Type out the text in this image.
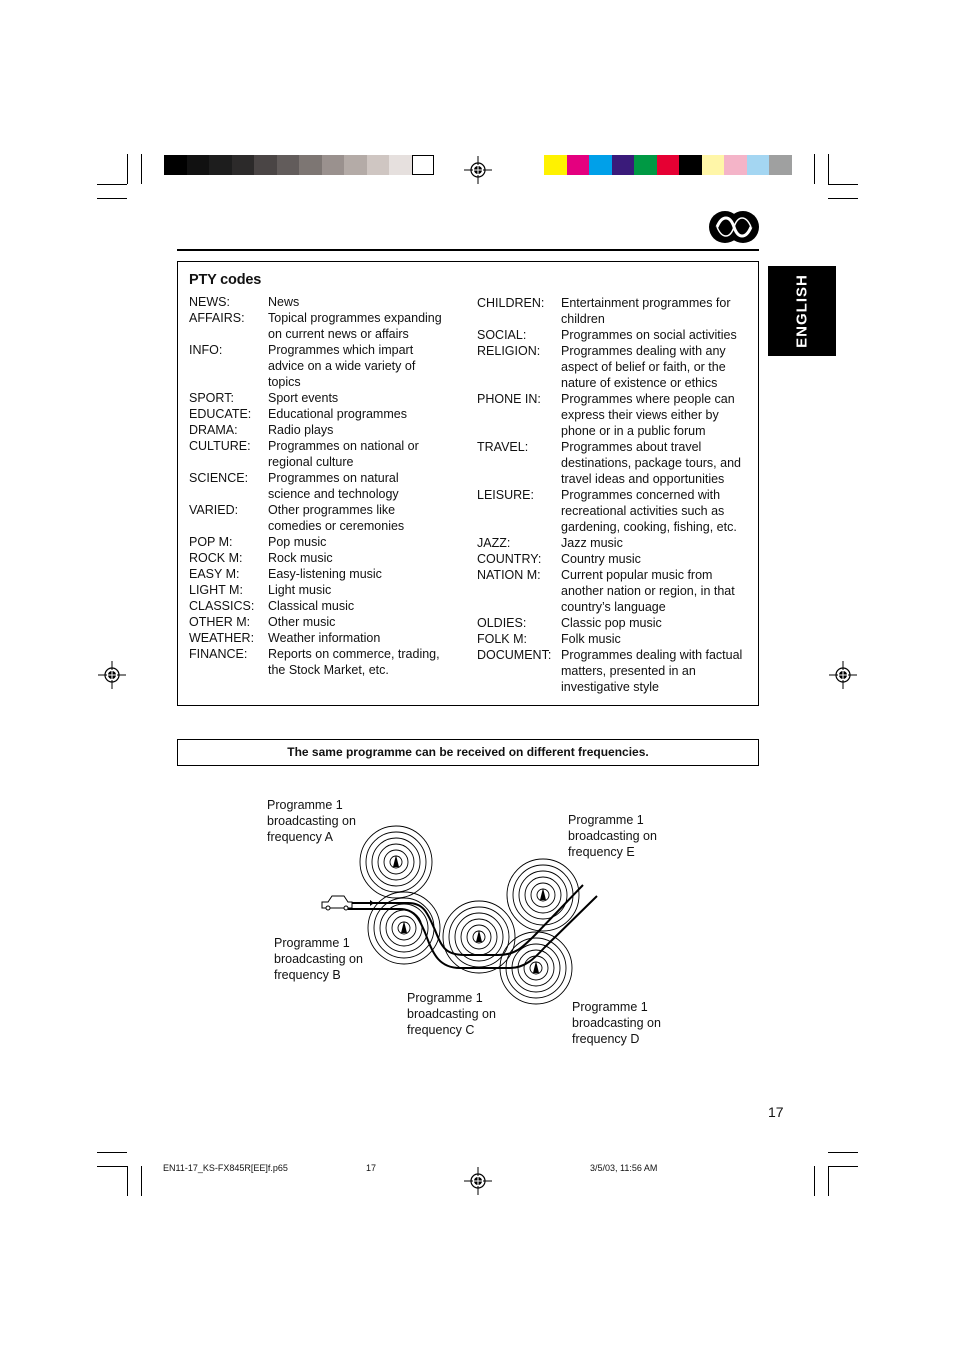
ENGLISH
PTY codes
NEWS:	News
AFFAIRS: Topical programmes expanding
on current news or affairs
INFO:	Programmes which impart
advice on a wide variety of
topics
SPORT:	Sport events
EDUCATE: Educational programmes
DRAMA: Radio plays
CULTURE: Programmes on national or
regional culture
SCIENCE: Programmes on natural
science and technology
VARIED: Other programmes like
comedies or ceremonies
POP M:	Pop music
ROCK M: Rock music
EASY M: Easy-listening music
LIGHT M: Light music
CLASSICS: Classical music
OTHER M: Other music
WEATHER: Weather information
FINANCE: Reports on commerce, trading,
the Stock Market, etc.
CHILDREN: Entertainment programmes for
children
SOCIAL:	Programmes on social activities
RELIGION: Programmes dealing with any
aspect of belief or faith, or the
nature of existence or ethics
PHONE IN: Programmes where people can
express their views either by
phone or in a public forum
TRAVEL:	Programmes about travel
destinations, package tours, and
travel ideas and opportunities
LEISURE: Programmes concerned with
recreational activities such as
gardening, cooking, fishing, etc.
JAZZ:	Jazz music
COUNTRY: Country music
NATION M: Current popular music from
another nation or region, in that
country’s language
OLDIES:	Classic pop music
FOLK M:	Folk music
DOCUMENT: Programmes dealing with factual
matters, presented in an
investigative style
The same programme can be received on different frequencies.
Programme 1
broadcasting on
frequency A
Programme 1
broadcasting on
frequency B
Programme 1
broadcasting on
frequency C
Programme 1
broadcasting on
frequency D
Programme 1
broadcasting on
frequency E
17
EN11-17_KS-FX845R[EE]f.p65	17	3/5/03, 11:56 AM
